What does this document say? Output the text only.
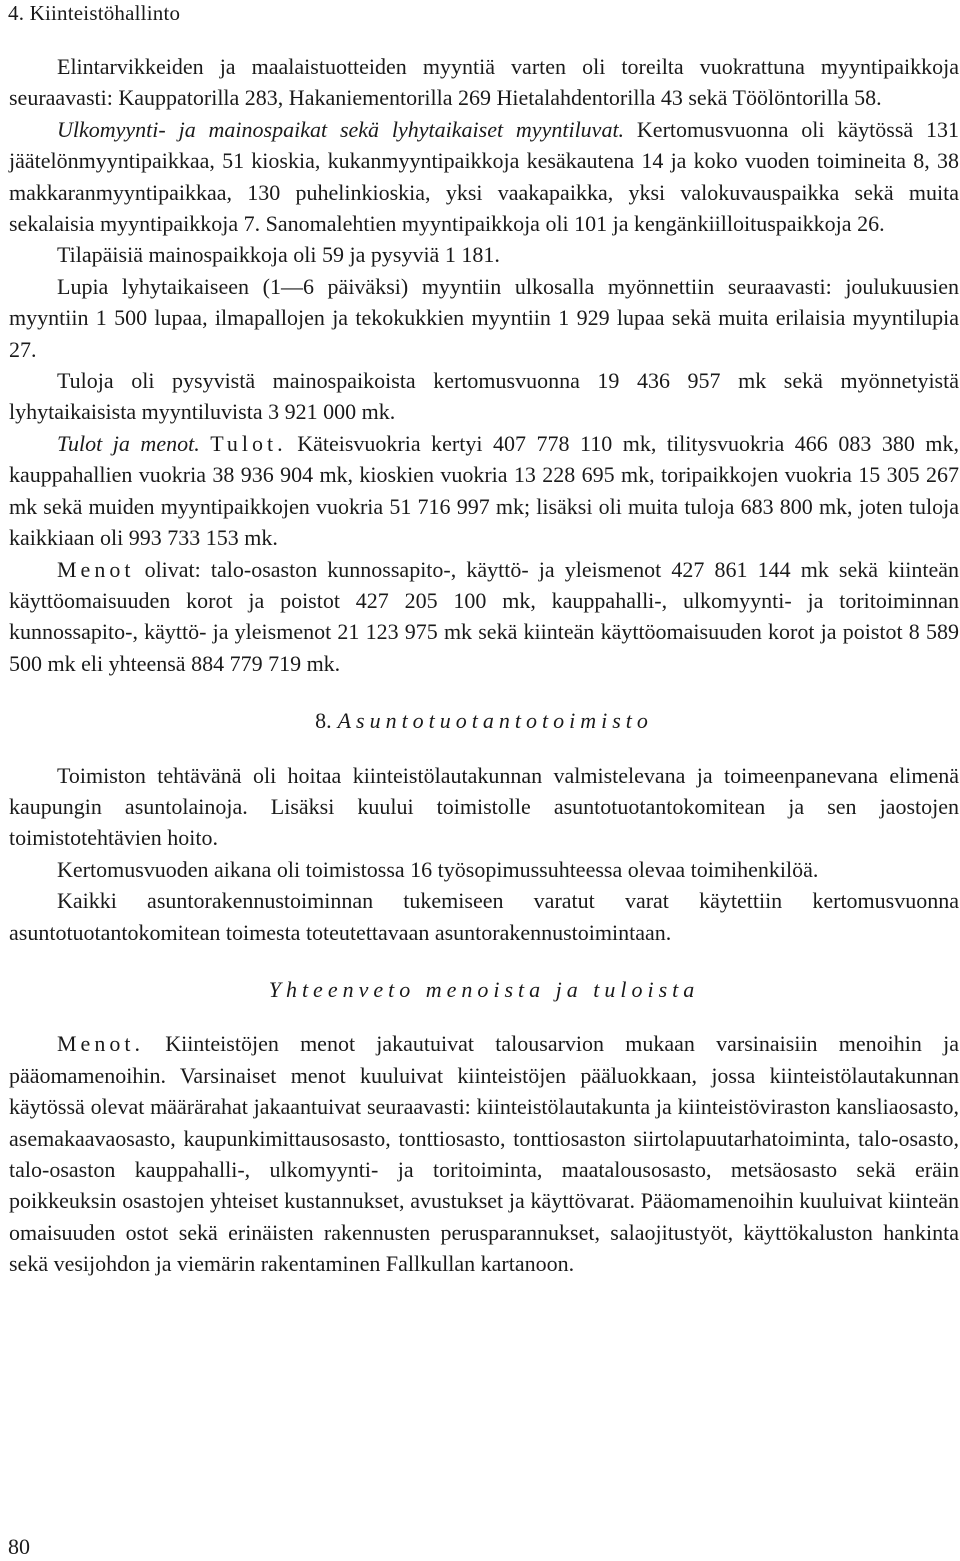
4. Kiinteistöhallinto

Elintarvikkeiden ja maalaistuotteiden myyntiä varten oli toreilta vuokrattuna myyntipaikkoja seuraavasti: Kauppatorilla 283, Hakaniementorilla 269 Hietalahdentorilla 43 sekä Töölöntorilla 58.

Ulkomyynti- ja mainospaikat sekä lyhytaikaiset myyntiluvat. Kertomusvuonna oli käytössä 131 jäätelönmyyntipaikkaa, 51 kioskia, kukanmyyntipaikkoja kesäkautena 14 ja koko vuoden toimineita 8, 38 makkaranmyyntipaikkaa, 130 puhelinkioskia, yksi vaakapaikka, yksi valokuvauspaikka sekä muita sekalaisia myyntipaikkoja 7. Sanomalehtien myyntipaikkoja oli 101 ja kengänkiilloituspaikkoja 26.

Tilapäisiä mainospaikkoja oli 59 ja pysyviä 1 181.

Lupia lyhytaikaiseen (1—6 päiväksi) myyntiin ulkosalla myönnettiin seuraavasti: joulukuusien myyntiin 1 500 lupaa, ilmapallojen ja tekokukkien myyntiin 1 929 lupaa sekä muita erilaisia myyntilupia 27.

Tuloja oli pysyvistä mainospaikoista kertomusvuonna 19 436 957 mk sekä myönnetyistä lyhytaikaisista myyntiluvista 3 921 000 mk.

Tulot ja menot. Tulot. Käteisvuokria kertyi 407 778 110 mk, tilitysvuokria 466 083 380 mk, kauppahallien vuokria 38 936 904 mk, kioskien vuokria 13 228 695 mk, toripaikkojen vuokria 15 305 267 mk sekä muiden myyntipaikkojen vuokria 51 716 997 mk; lisäksi oli muita tuloja 683 800 mk, joten tuloja kaikkiaan oli 993 733 153 mk.

Menot olivat: talo-osaston kunnossapito-, käyttö- ja yleismenot 427 861 144 mk sekä kiinteän käyttöomaisuuden korot ja poistot 427 205 100 mk, kauppahalli-, ulkomyynti- ja toritoiminnan kunnossapito-, käyttö- ja yleismenot 21 123 975 mk sekä kiinteän käyttöomaisuuden korot ja poistot 8 589 500 mk eli yhteensä 884 779 719 mk.

8. Asuntotuotantotoimisto

Toimiston tehtävänä oli hoitaa kiinteistölautakunnan valmistelevana ja toimeenpanevana elimenä kaupungin asuntolainoja. Lisäksi kuului toimistolle asuntotuotantokomitean ja sen jaostojen toimistotehtävien hoito.

Kertomusvuoden aikana oli toimistossa 16 työsopimussuhteessa olevaa toimihenkilöä.

Kaikki asuntorakennustoiminnan tukemiseen varatut varat käytettiin kertomusvuonna asuntotuotantokomitean toimesta toteutettavaan asuntorakennustoimintaan.

Yhteenveto menoista ja tuloista

Menot. Kiinteistöjen menot jakautuivat talousarvion mukaan varsinaisiin menoihin ja pääomamenoihin. Varsinaiset menot kuuluivat kiinteistöjen pääluokkaan, jossa kiinteistölautakunnan käytössä olevat määrärahat jakaantuivat seuraavasti: kiinteistölautakunta ja kiinteistöviraston kansliaosasto, asemakaavaosasto, kaupunkimittausosasto, tonttiosasto, tonttiosaston siirtolapuutarhatoiminta, talo-osasto, talo-osaston kauppahalli-, ulkomyynti- ja toritoiminta, maatalousosasto, metsäosasto sekä eräin poikkeuksin osastojen yhteiset kustannukset, avustukset ja käyttövarat. Pääomamenoihin kuuluivat kiinteän omaisuuden ostot sekä erinäisten rakennusten perusparannukset, salaojitustyöt, käyttökaluston hankinta sekä vesijohdon ja viemärin rakentaminen Fallkullan kartanoon.

80
